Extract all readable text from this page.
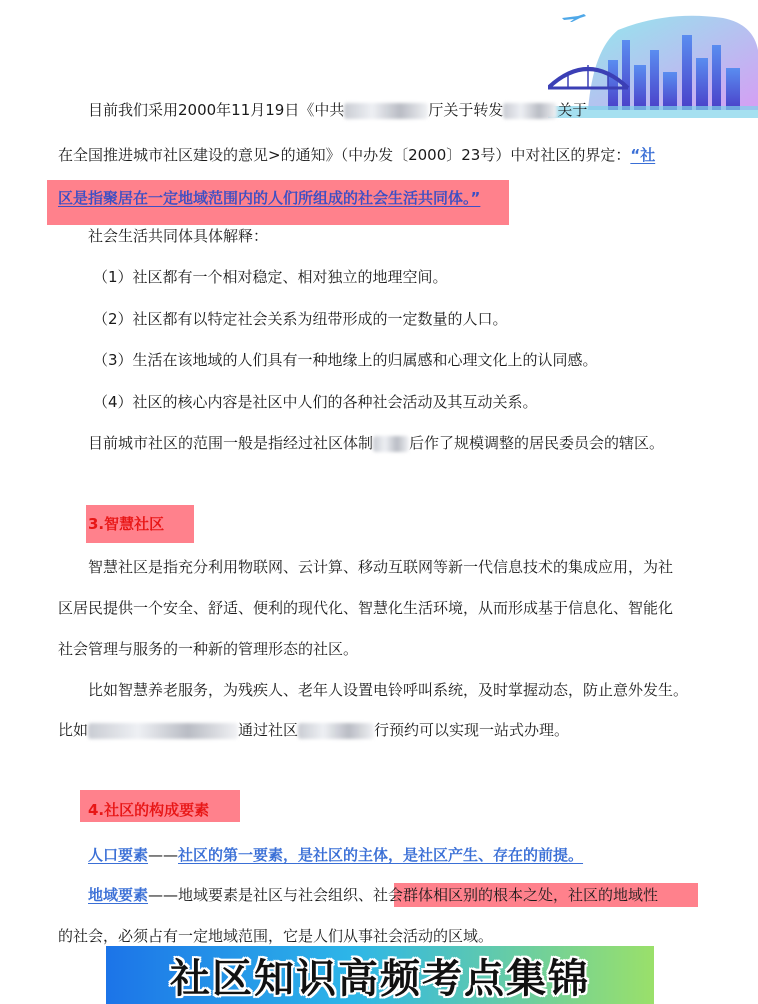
目前我们采用2000年11月19日《中共	厅关于转发	关于
在全国推进城市社区建设的意见>的通知》（中办发〔2000〕23号）中对社区的界定：“社
区是指聚居在一定地域范围内的人们所组成的社会生活共同体。”
社会生活共同体具体解释：
（1）社区都有一个相对稳定、相对独立的地理空间。
（2）社区都有以特定社会关系为纽带形成的一定数量的人口。
（3）生活在该地域的人们具有一种地缘上的归属感和心理文化上的认同感。
（4）社区的核心内容是社区中人们的各种社会活动及其互动关系。
目前城市社区的范围一般是指经过社区体制 后作了规模调整的居民委员会的辖区。
3.智慧社区
智慧社区是指充分利用物联网、云计算、移动互联网等新一代信息技术的集成应用，为社
区居民提供一个安全、舒适、便利的现代化、智慧化生活环境，从而形成基于信息化、智能化
社会管理与服务的一种新的管理形态的社区。
比如智慧养老服务，为残疾人、老年人设置电铃呼叫系统，及时掌握动态，防止意外发生。
比如	通过社区	行预约可以实现一站式办理。
4.社区的构成要素
人口要素——社区的第一要素，是社区的主体，是社区产生、存在的前提。
地域要素——地域要素是社区与社会组织、社会群体相区别的根本之处，社区的地域性
的社会，必须占有一定地域范围，它是人们从事社会活动的区域。
社区知识高频考点集锦
